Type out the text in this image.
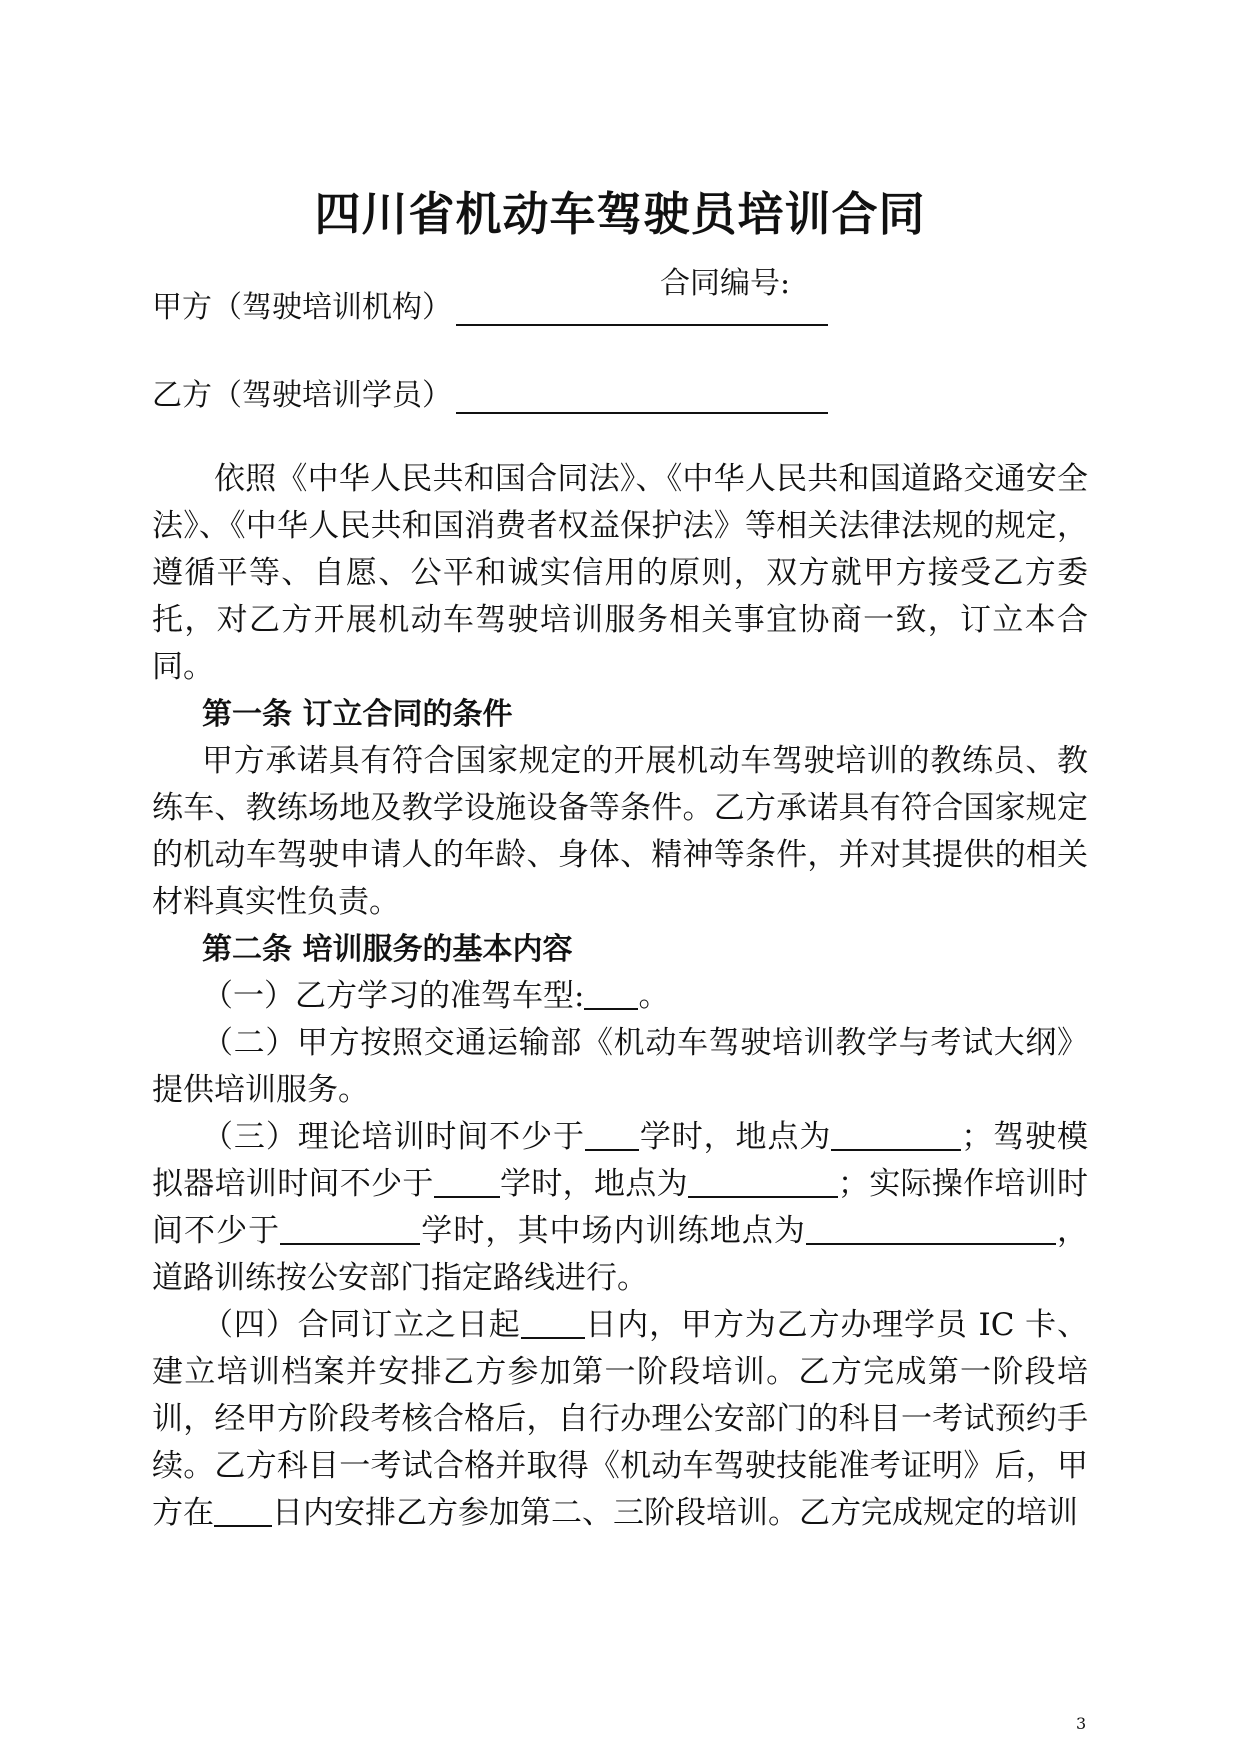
四川省机动车驾驶员培训合同
合同编号:
甲方（驾驶培训机构）
乙方（驾驶培训学员）

依照《中华人民共和国合同法》、《中华人民共和国道路交通安全法》、《中华人民共和国消费者权益保护法》等相关法律法规的规定，遵循平等、自愿、公平和诚实信用的原则，双方就甲方接受乙方委托，对乙方开展机动车驾驶培训服务相关事宜协商一致，订立本合同。

第一条 订立合同的条件

甲方承诺具有符合国家规定的开展机动车驾驶培训的教练员、教练车、教练场地及教学设施设备等条件。乙方承诺具有符合国家规定的机动车驾驶申请人的年龄、身体、精神等条件，并对其提供的相关材料真实性负责。

第二条 培训服务的基本内容

（一）乙方学习的准驾车型: 。

（二）甲方按照交通运输部《机动车驾驶培训教学与考试大纲》提供培训服务。

（三）理论培训时间不少于 学时，地点为	；驾驶模拟器培训时间不少于 学时，地点为	；实际操作培训时间不少于	学时，其中场内训练地点为	，道路训练按公安部门指定路线进行。

（四）合同订立之日起 日内，甲方为乙方办理学员 IC 卡、建立培训档案并安排乙方参加第一阶段培训。乙方完成第一阶段培训，经甲方阶段考核合格后，自行办理公安部门的科目一考试预约手续。乙方科目一考试合格并取得《机动车驾驶技能准考证明》后，甲方在 日内安排乙方参加第二、三阶段培训。乙方完成规定的培训

3
